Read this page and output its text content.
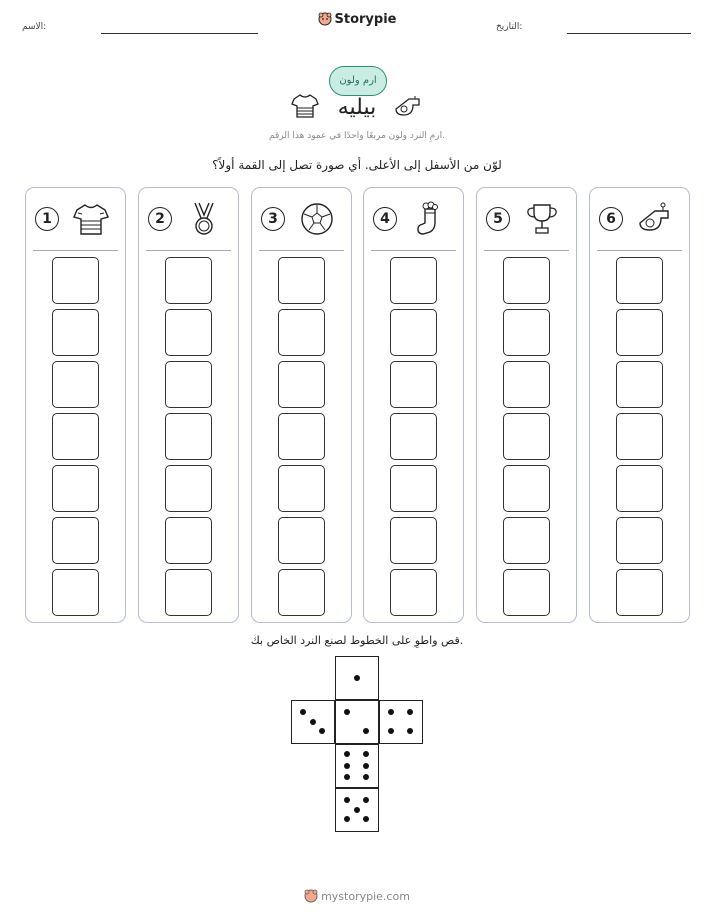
الاسم:	Storypie	التاريخ:
ارم ولون
بيليه
ارمِ النرد ولون مربعًا واحدًا في عمود هذا الرقم.
لوّن من الأسفل إلى الأعلى. أي صورة تصل إلى القمة أولاً؟
1	2	3	4	5	6
قص واطوِ على الخطوط لصنع النرد الخاص بك.
mystorypie.com
